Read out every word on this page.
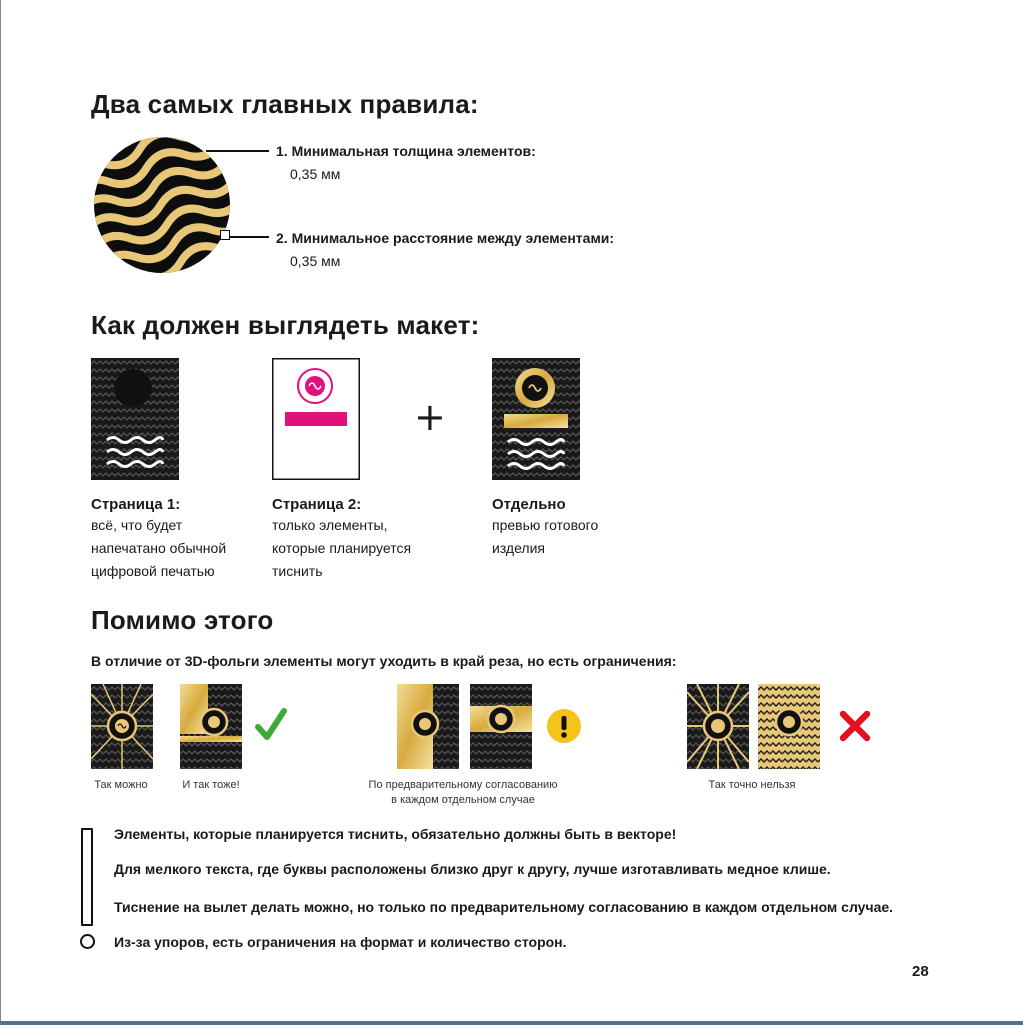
Два самых главных правила:
1. Минимальная толщина элементов:
0,35 мм
2. Минимальное расстояние между элементами:
0,35 мм
Как должен выглядеть макет:
+
Страница 1:
всё, что будет
напечатано обычной
цифровой печатью
Страница 2:
только элементы,
которые планируется
тиснить
Отдельно
превью готового
изделия
Помимо этого
В отличие от 3D-фольги элементы могут уходить в край реза, но есть ограничения:
Так можно	И так тоже!	По предварительному согласованию
в каждом отдельном случае
Так точно нельзя
Элементы, которые планируется тиснить, обязательно должны быть в векторе!
Для мелкого текста, где буквы расположены близко друг к другу, лучше изготавливать медное клише.
Тиснение на вылет делать можно, но только по предварительному согласованию в каждом отдельном случае.
Из-за упоров, есть ограничения на формат и количество сторон.
28
